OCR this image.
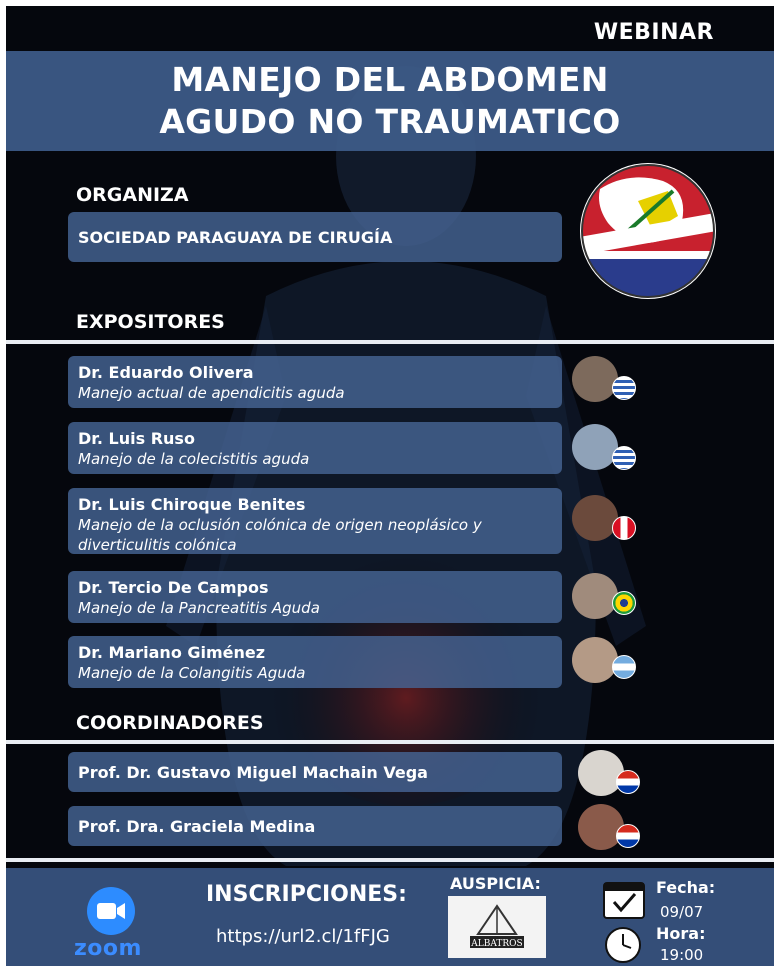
WEBINAR
MANEJO DEL ABDOMEN
AGUDO NO TRAUMATICO
ORGANIZA
SOCIEDAD PARAGUAYA DE CIRUGÍA
EXPOSITORES
Dr. Eduardo Olivera
Manejo actual de apendicitis aguda
Dr. Luis Ruso
Manejo de la colecistitis aguda
Dr. Luis Chiroque Benites
Manejo de la oclusión colónica de origen neoplásico y diverticulitis colónica
Dr. Tercio De Campos
Manejo de la Pancreatitis Aguda
Dr. Mariano Giménez
Manejo de la Colangitis Aguda
COORDINADORES
Prof. Dr. Gustavo Miguel Machain Vega
Prof. Dra. Graciela Medina
zoom
INSCRIPCIONES:
https://url2.cl/1fFJG
AUSPICIA:
ALBATROS
Fecha:
09/07
Hora:
19:00
